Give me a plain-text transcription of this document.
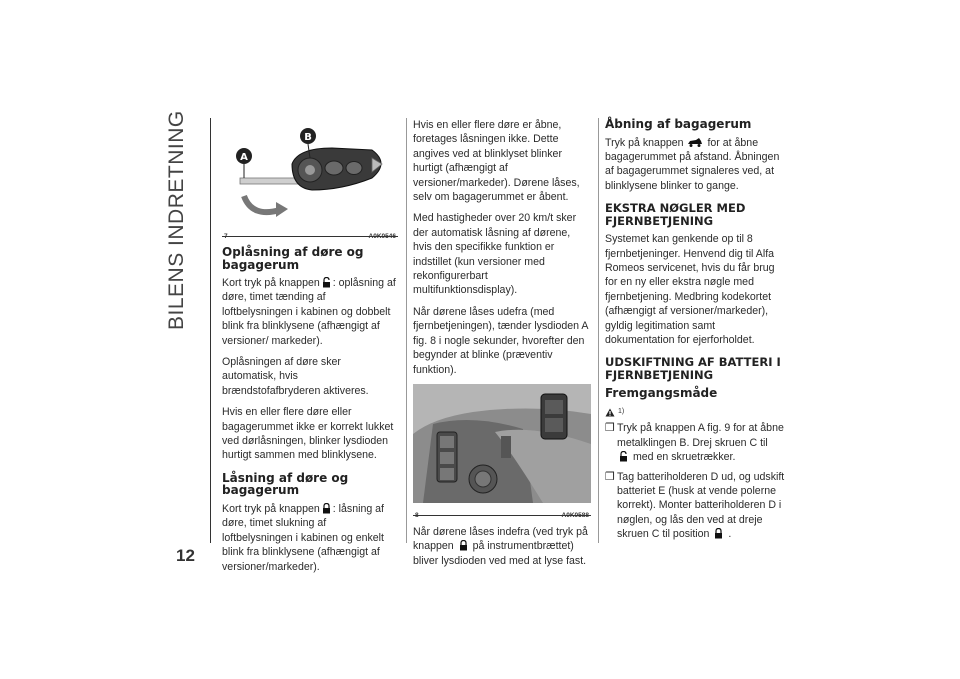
BILENS INDRETNING
12
A
B
7	A0K0546
Oplåsning af døre og bagagerum

Kort tryk på knappen : oplåsning af døre, timet tænding af loftbelysningen i kabinen og dobbelt blink fra blinklysene (afhængigt af versioner/ markeder).

Oplåsningen af døre sker automatisk, hvis brændstofafbryderen aktiveres.

Hvis en eller flere døre eller bagagerummet ikke er korrekt lukket ved dørlåsningen, blinker lysdioden hurtigt sammen med blinklysene.

Låsning af døre og bagagerum

Kort tryk på knappen : låsning af døre, timet slukning af loftbelysningen i kabinen og enkelt blink fra blinklysene (afhængigt af versioner/markeder).

Hvis en eller flere døre er åbne, foretages låsningen ikke. Dette angives ved at blinklyset blinker hurtigt (afhængigt af versioner/markeder). Dørene låses, selv om bagagerummet er åbent.

Med hastigheder over 20 km/t sker der automatisk låsning af dørene, hvis den specifikke funktion er indstillet (kun versioner med rekonfigurerbart multifunktionsdisplay).

Når dørene låses udefra (med fjernbetjeningen), tænder lysdioden A fig. 8 i nogle sekunder, hvorefter den begynder at blinke (præventiv funktion).

8	A0K0588

Når dørene låses indefra (ved tryk på knappen på instrumentbrættet) bliver lysdioden ved med at lyse fast.

Åbning af bagagerum

Tryk på knappen for at åbne bagagerummet på afstand. Åbningen af bagagerummet signaleres ved, at blinklysene blinker to gange.

EKSTRA NØGLER MED FJERNBETJENING

Systemet kan genkende op til 8 fjernbetjeninger. Henvend dig til Alfa Romeos servicenet, hvis du får brug for en ny eller ekstra nøgle med fjernbetjening. Medbring kodekortet (afhængigt af versioner/markeder), gyldig legitimation samt dokumentation for ejerforholdet.

UDSKIFTNING AF BATTERI I FJERNBETJENING
Fremgangsmåde
1)
❒ Tryk på knappen A fig. 9 for at åbne metalklingen B. Drej skruen C til
med en skruetrækker.
❒ Tag batteriholderen D ud, og udskift batteriet E (husk at vende polerne korrekt). Monter batteriholderen D i nøglen, og lås den ved at dreje skruen C til position .
